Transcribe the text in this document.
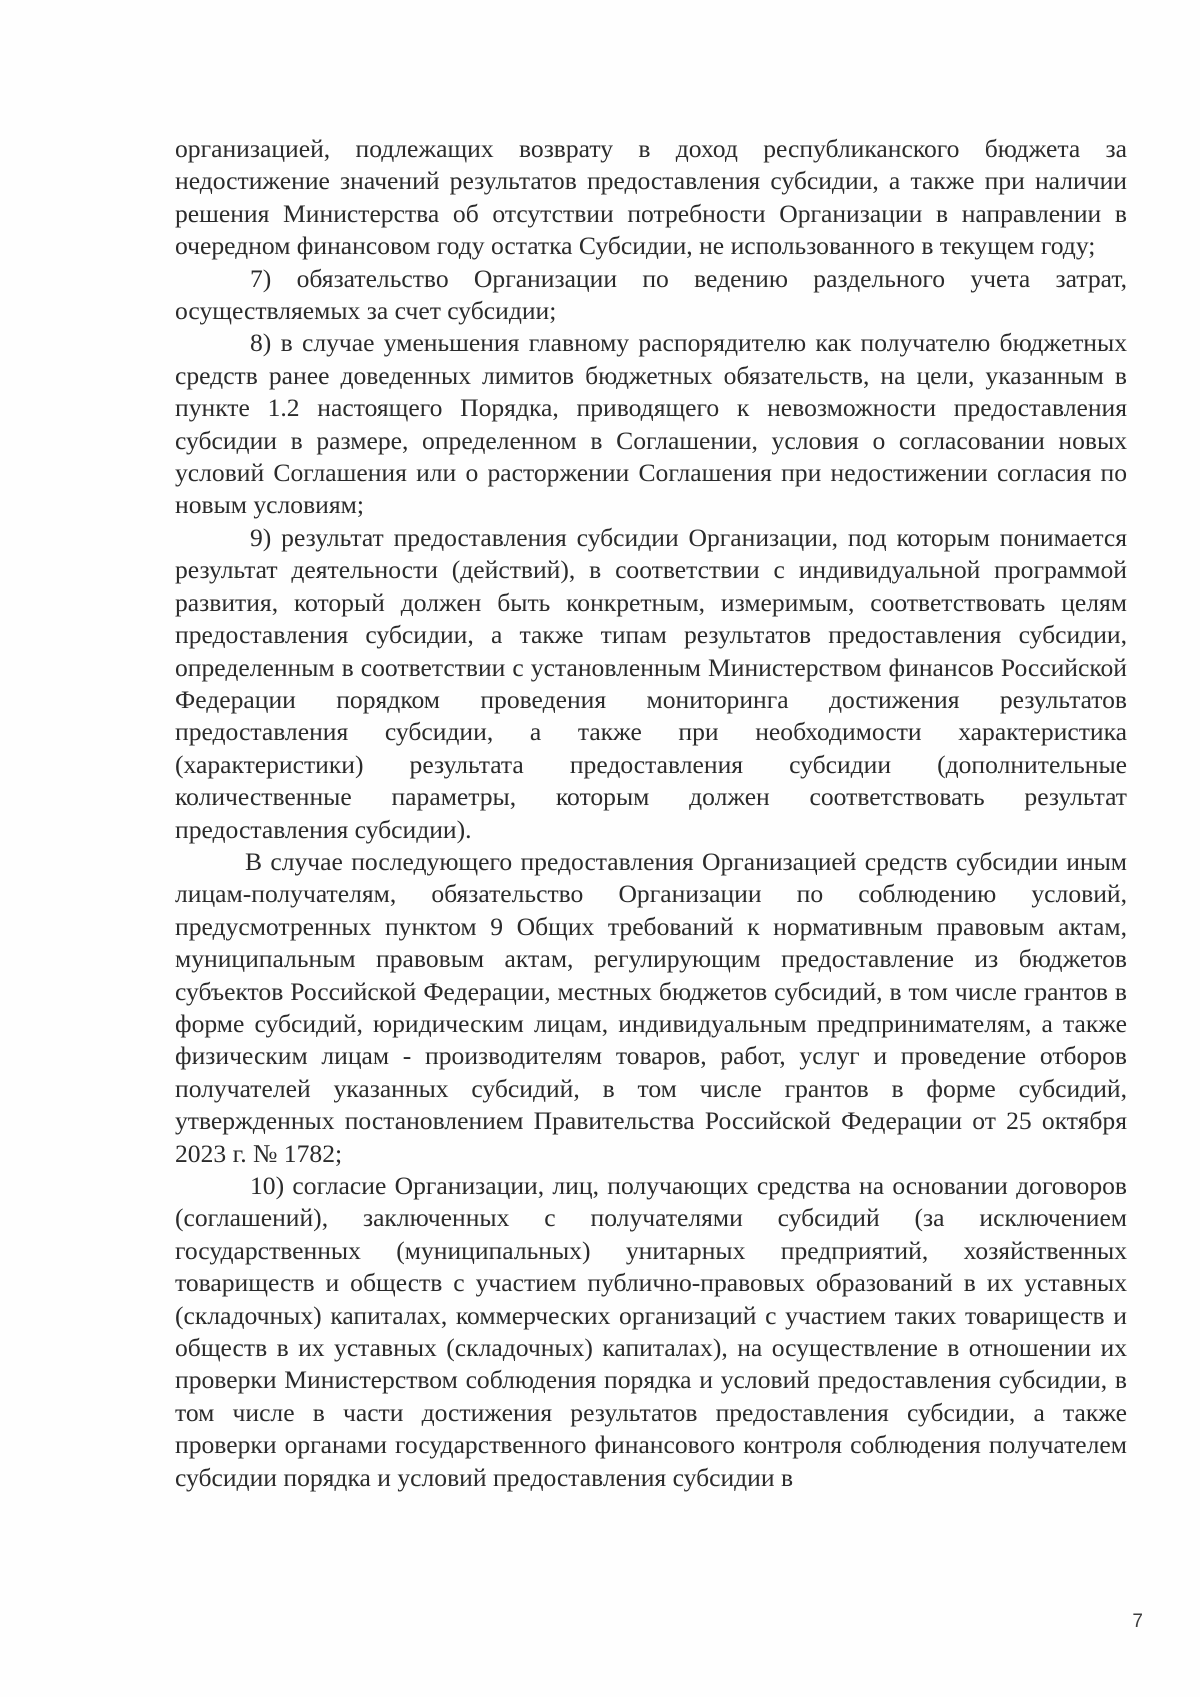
организацией, подлежащих возврату в доход республиканского бюджета за недостижение значений результатов предоставления субсидии, а также при наличии решения Министерства об отсутствии потребности Организации в направлении в очередном финансовом году остатка Субсидии, не использованного в текущем году;

7) обязательство Организации по ведению раздельного учета затрат, осуществляемых за счет субсидии;

8) в случае уменьшения главному распорядителю как получателю бюджетных средств ранее доведенных лимитов бюджетных обязательств, на цели, указанным в пункте 1.2 настоящего Порядка, приводящего к невозможности предоставления субсидии в размере, определенном в Соглашении, условия о согласовании новых условий Соглашения или о расторжении Соглашения при недостижении согласия по новым условиям;

9) результат предоставления субсидии Организации, под которым понимается результат деятельности (действий), в соответствии с индивидуальной программой развития, который должен быть конкретным, измеримым, соответствовать целям предоставления субсидии, а также типам результатов предоставления субсидии, определенным в соответствии с установленным Министерством финансов Российской Федерации порядком проведения мониторинга достижения результатов предоставления субсидии, а также при необходимости характеристика (характеристики) результата предоставления субсидии (дополнительные количественные параметры, которым должен соответствовать результат предоставления субсидии).

В случае последующего предоставления Организацией средств субсидии иным лицам-получателям, обязательство Организации по соблюдению условий, предусмотренных пунктом 9 Общих требований к нормативным правовым актам, муниципальным правовым актам, регулирующим предоставление из бюджетов субъектов Российской Федерации, местных бюджетов субсидий, в том числе грантов в форме субсидий, юридическим лицам, индивидуальным предпринимателям, а также физическим лицам - производителям товаров, работ, услуг и проведение отборов получателей указанных субсидий, в том числе грантов в форме субсидий, утвержденных постановлением Правительства Российской Федерации от 25 октября 2023 г. № 1782;

10) согласие Организации, лиц, получающих средства на основании договоров (соглашений), заключенных с получателями субсидий (за исключением государственных (муниципальных) унитарных предприятий, хозяйственных товариществ и обществ с участием публично-правовых образований в их уставных (складочных) капиталах, коммерческих организаций с участием таких товариществ и обществ в их уставных (складочных) капиталах), на осуществление в отношении их проверки Министерством соблюдения порядка и условий предоставления субсидии, в том числе в части достижения результатов предоставления субсидии, а также проверки органами государственного финансового контроля соблюдения получателем субсидии порядка и условий предоставления субсидии в

7
